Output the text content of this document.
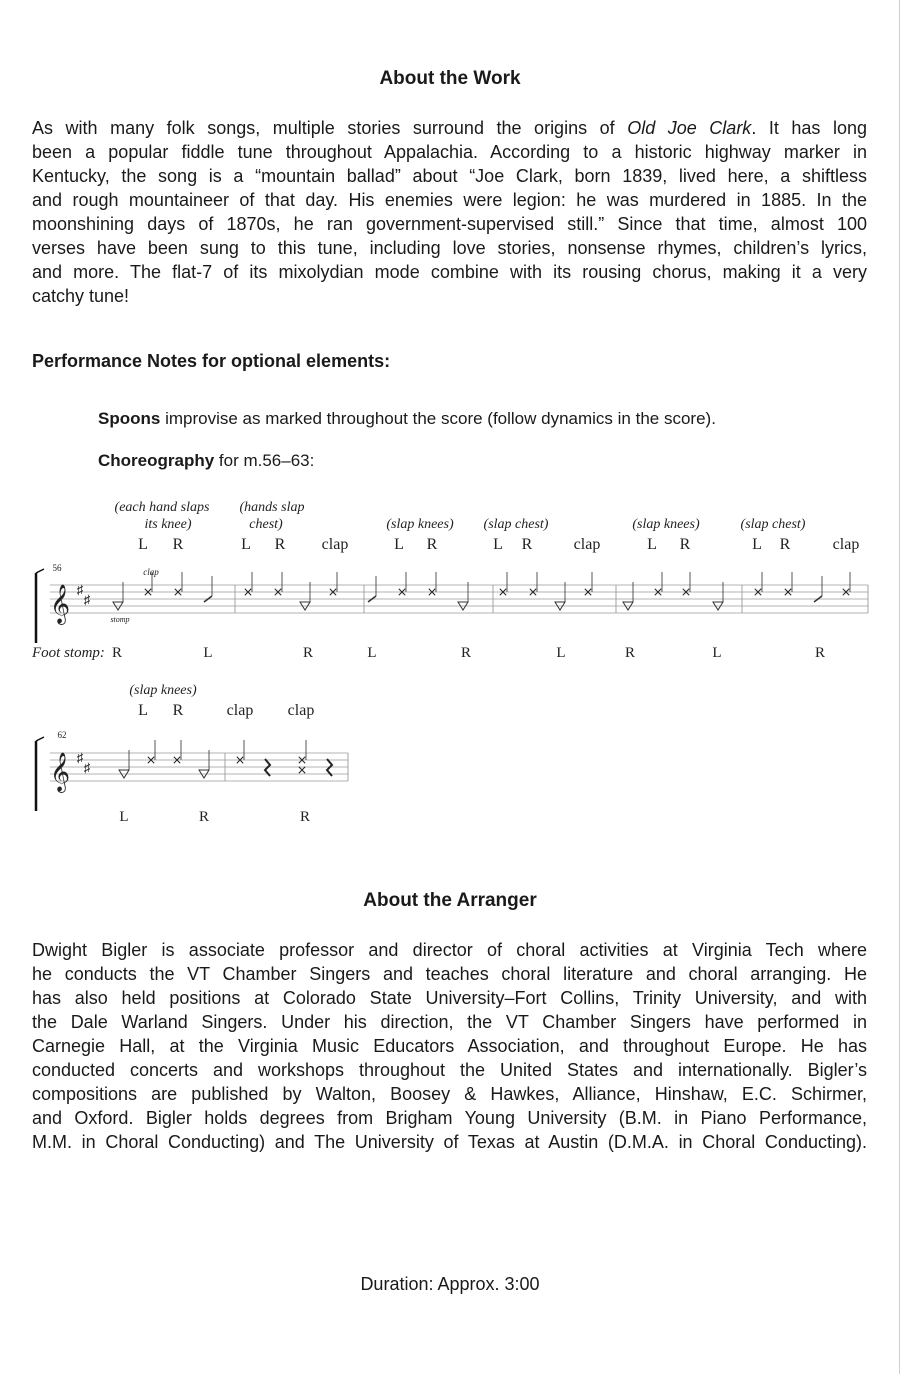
About the Work
As with many folk songs, multiple stories surround the origins of Old Joe Clark. It has long
been a popular fiddle tune throughout Appalachia. According to a historic highway marker in
Kentucky, the song is a “mountain ballad” about “Joe Clark, born 1839, lived here, a shiftless
and rough mountaineer of that day. His enemies were legion: he was murdered in 1885. In the
moonshining days of 1870s, he ran government-supervised still.” Since that time, almost 100
verses have been sung to this tune, including love stories, nonsense rhymes, children’s lyrics,
and more. The flat-7 of its mixolydian mode combine with its rousing chorus, making it a very
catchy tune!
Performance Notes for optional elements:
Spoons improvise as marked throughout the score (follow dynamics in the score).
Choreography for m.56–63:
𝄞 ♯
♯
𝄞 ♯
♯
56
(each hand slaps
its knee)
(hands slap
chest)	(slap knees) (slap chest)	(slap knees)	(slap chest)
L R	L R clap	L R	L R	clap	L R	L R	clap
clap
stomp
Foot stomp: R	L	R	L	R	L	R	L	R
62
(slap knees)
L R	clap clap
L	R	R
About the Arranger
Dwight Bigler is associate professor and director of choral activities at Virginia Tech where
he conducts the VT Chamber Singers and teaches choral literature and choral arranging. He
has also held positions at Colorado State University–Fort Collins, Trinity University, and with
the Dale Warland Singers. Under his direction, the VT Chamber Singers have performed in
Carnegie Hall, at the Virginia Music Educators Association, and throughout Europe. He has
conducted concerts and workshops throughout the United States and internationally. Bigler’s
compositions are published by Walton, Boosey & Hawkes, Alliance, Hinshaw, E.C. Schirmer,
and Oxford. Bigler holds degrees from Brigham Young University (B.M. in Piano Performance,
M.M. in Choral Conducting) and The University of Texas at Austin (D.M.A. in Choral Conducting).
Duration: Approx. 3:00
